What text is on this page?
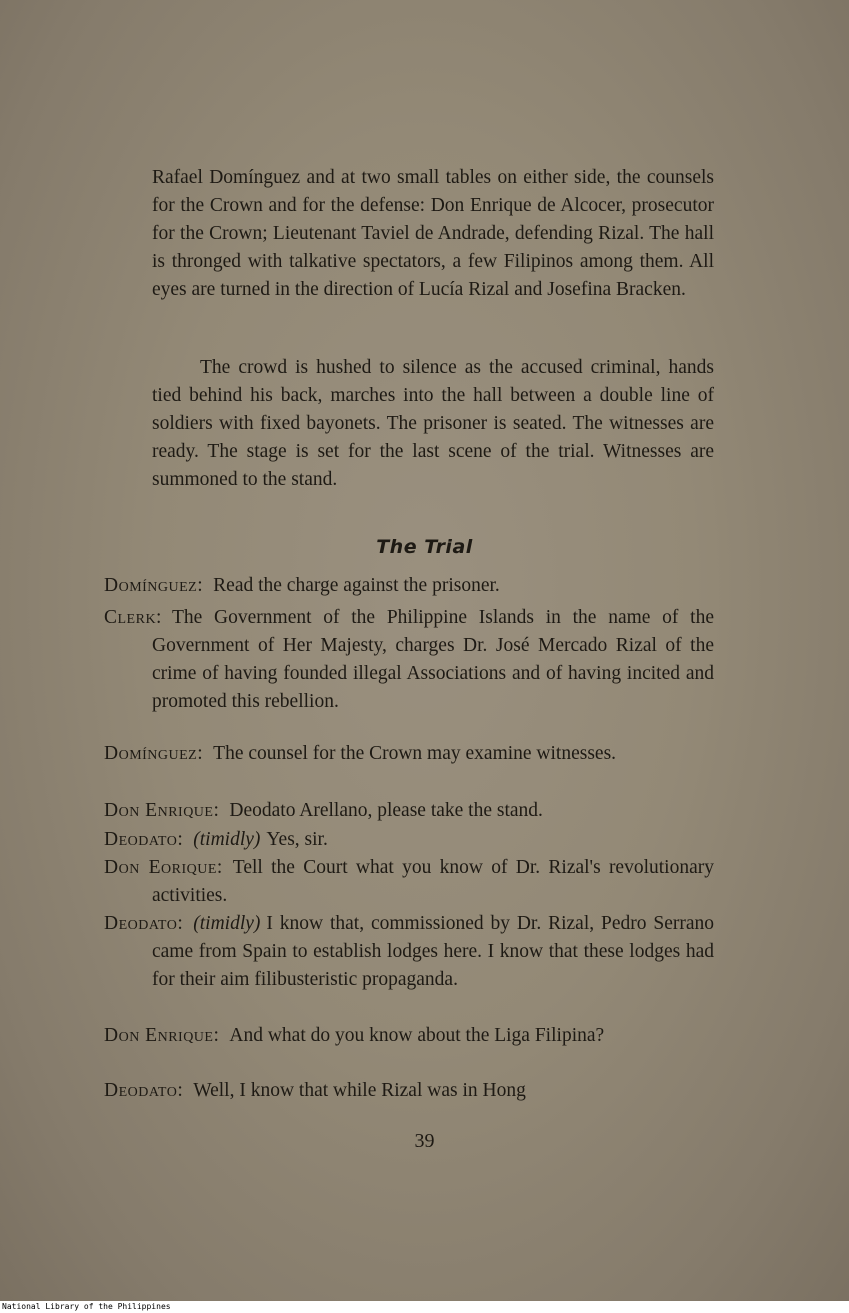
Rafael Domínguez and at two small tables on either side, the counsels for the Crown and for the defense: Don Enrique de Alcocer, prosecutor for the Crown; Lieutenant Taviel de Andrade, defending Rizal. The hall is thronged with talkative spectators, a few Filipinos among them. All eyes are turned in the direction of Lucía Rizal and Josefina Bracken.

The crowd is hushed to silence as the accused criminal, hands tied behind his back, marches into the hall between a double line of soldiers with fixed bayonets. The prisoner is seated. The witnesses are ready. The stage is set for the last scene of the trial. Witnesses are summoned to the stand.

The Trial

Domínguez: Read the charge against the prisoner.

Clerk: The Government of the Philippine Islands in the name of the Government of Her Majesty, charges Dr. José Mercado Rizal of the crime of having founded illegal Associations and of having incited and promoted this rebellion.

Domínguez: The counsel for the Crown may examine witnesses.

Don Enrique: Deodato Arellano, please take the stand.

Deodato: (timidly) Yes, sir.

Don Eorique: Tell the Court what you know of Dr. Rizal's revolutionary activities.

Deodato: (timidly) I know that, commissioned by Dr. Rizal, Pedro Serrano came from Spain to establish lodges here. I know that these lodges had for their aim filibusteristic propaganda.

Don Enrique: And what do you know about the Liga Filipina?

Deodato: Well, I know that while Rizal was in Hong

39

National Library of the Philippines
